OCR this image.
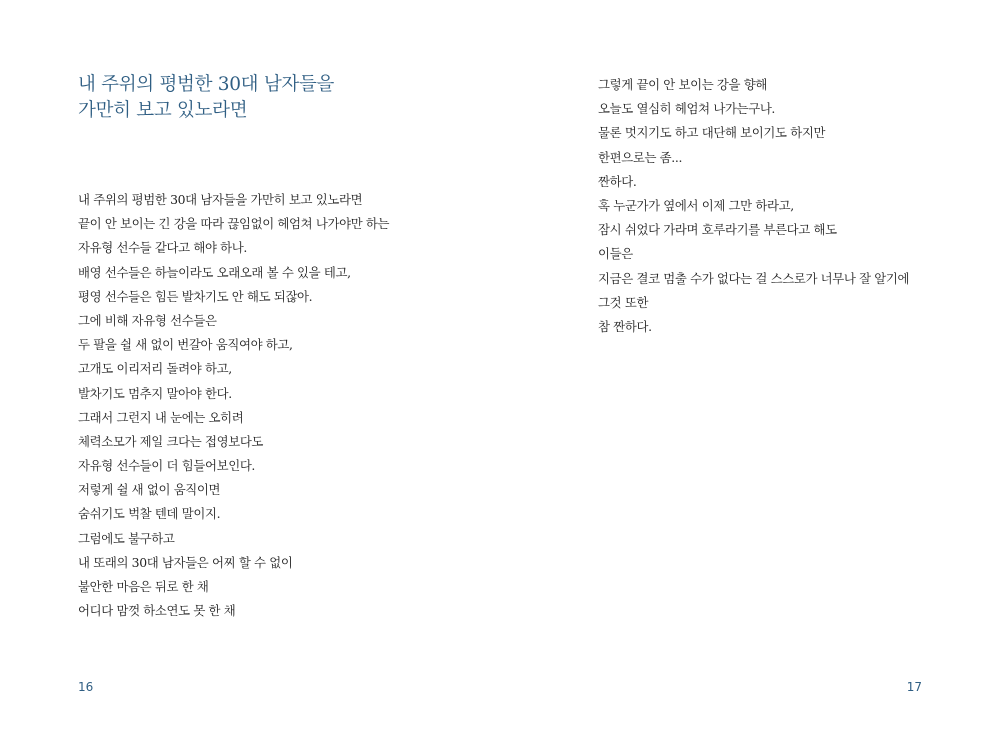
내 주위의 평범한 30대 남자들을
가만히 보고 있노라면
내 주위의 평범한 30대 남자들을 가만히 보고 있노라면
끝이 안 보이는 긴 강을 따라 끊임없이 헤엄쳐 나가야만 하는
자유형 선수들 같다고 해야 하나.
배영 선수들은 하늘이라도 오래오래 볼 수 있을 테고,
평영 선수들은 힘든 발차기도 안 해도 되잖아.
그에 비해 자유형 선수들은
두 팔을 쉴 새 없이 번갈아 움직여야 하고,
고개도 이리저리 돌려야 하고,
발차기도 멈추지 말아야 한다.
그래서 그런지 내 눈에는 오히려
체력소모가 제일 크다는 접영보다도
자유형 선수들이 더 힘들어보인다.
저렇게 쉴 새 없이 움직이면
숨쉬기도 벅찰 텐데 말이지.
그럼에도 불구하고
내 또래의 30대 남자들은 어찌 할 수 없이
불안한 마음은 뒤로 한 채
어디다 맘껏 하소연도 못 한 채
16
그렇게 끝이 안 보이는 강을 향해
오늘도 열심히 헤엄쳐 나가는구나.
물론 멋지기도 하고 대단해 보이기도 하지만
한편으로는 좀...
짠하다.
혹 누군가가 옆에서 이제 그만 하라고,
잠시 쉬었다 가라며 호루라기를 부른다고 해도
이들은
지금은 결코 멈출 수가 없다는 걸 스스로가 너무나 잘 알기에
그것 또한
참 짠하다.
17
